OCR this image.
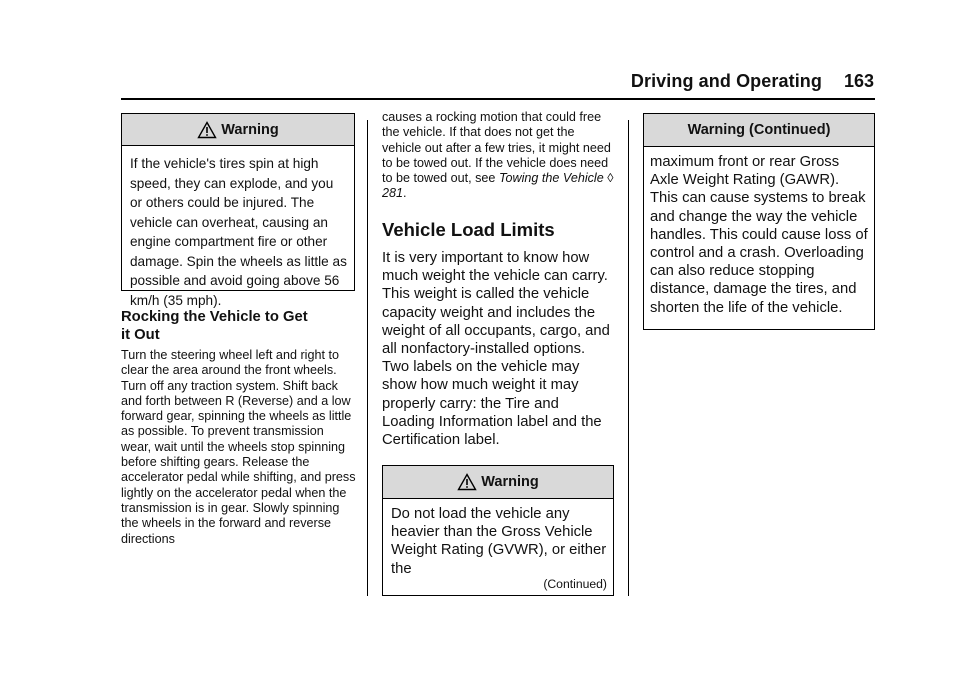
Driving and Operating 163
Warning
If the vehicle's tires spin at high speed, they can explode, and you or others could be injured. The vehicle can overheat, causing an engine compartment fire or other damage. Spin the wheels as little as possible and avoid going above 56 km/h (35 mph).
Rocking the Vehicle to Get
it Out
Turn the steering wheel left and right to clear the area around the front wheels. Turn off any traction system. Shift back and forth between R (Reverse) and a low forward gear, spinning the wheels as little as possible. To prevent transmission wear, wait until the wheels stop spinning before shifting gears. Release the accelerator pedal while shifting, and press lightly on the accelerator pedal when the transmission is in gear. Slowly spinning the wheels in the forward and reverse directions
causes a rocking motion that could free the vehicle. If that does not get the vehicle out after a few tries, it might need to be towed out. If the vehicle does need to be towed out, see Towing the Vehicle ◊ 281.
Vehicle Load Limits
It is very important to know how much weight the vehicle can carry. This weight is called the vehicle capacity weight and includes the weight of all occupants, cargo, and all nonfactory-installed options. Two labels on the vehicle may show how much weight it may properly carry: the Tire and Loading Information label and the Certification label.
Warning
Do not load the vehicle any heavier than the Gross Vehicle Weight Rating (GVWR), or either the
(Continued)
Warning (Continued)
maximum front or rear Gross Axle Weight Rating (GAWR). This can cause systems to break and change the way the vehicle handles. This could cause loss of control and a crash. Overloading can also reduce stopping distance, damage the tires, and shorten the life of the vehicle.
